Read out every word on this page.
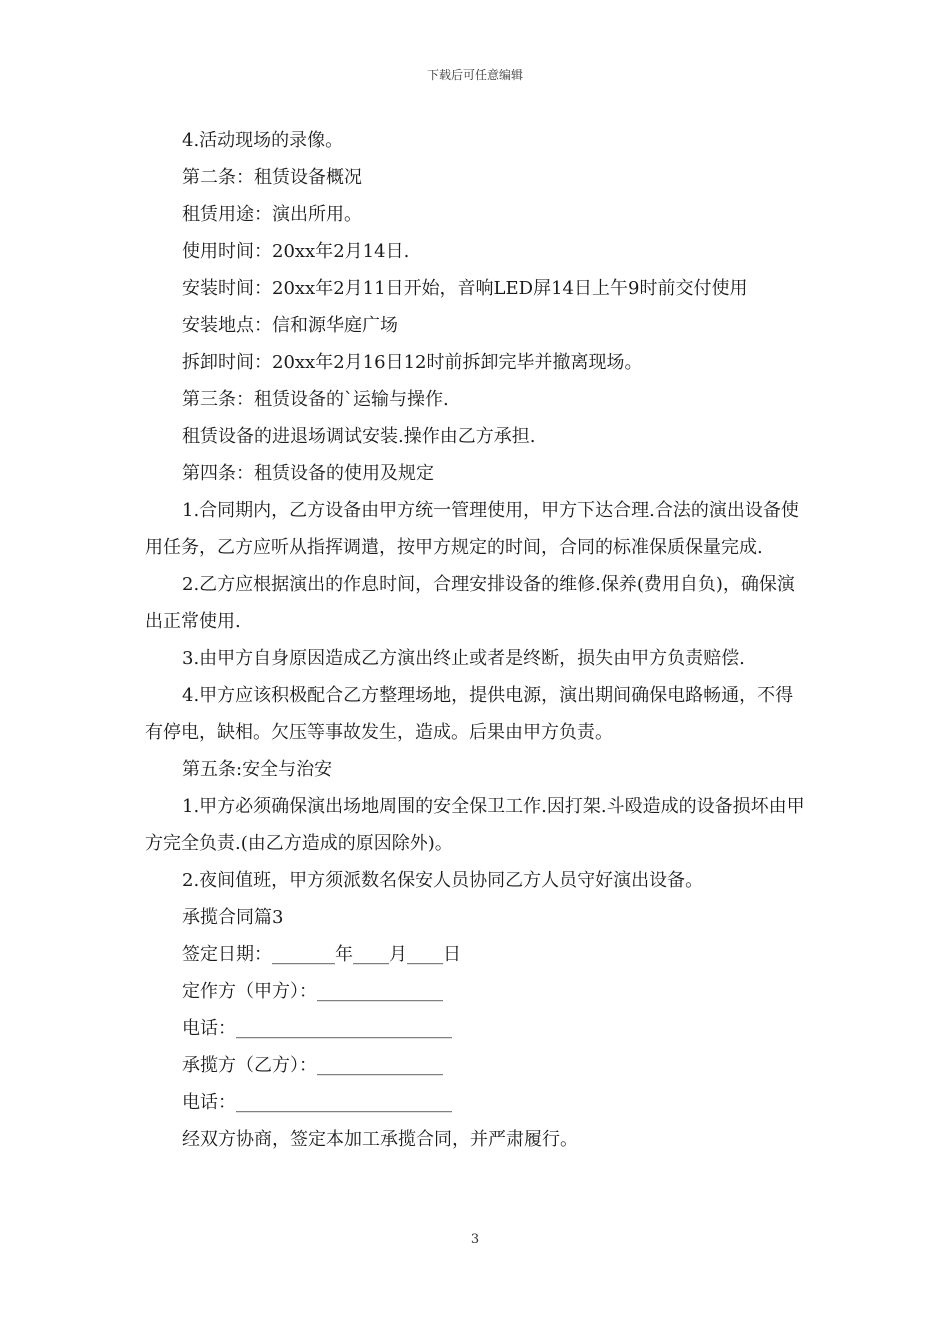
下载后可任意编辑

4.活动现场的录像。

第二条：租赁设备概况

租赁用途：演出所用。

使用时间：20xx年2月14日.

安装时间：20xx年2月11日开始，音响LED屏14日上午9时前交付使用

安装地点：信和源华庭广场

拆卸时间：20xx年2月16日12时前拆卸完毕并撤离现场。

第三条：租赁设备的`运输与操作.

租赁设备的进退场调试安装.操作由乙方承担.

第四条：租赁设备的使用及规定

1.合同期内，乙方设备由甲方统一管理使用，甲方下达合理.合法的演出设备使用任务，乙方应听从指挥调遣，按甲方规定的时间，合同的标准保质保量完成.

2.乙方应根据演出的作息时间，合理安排设备的维修.保养(费用自负)，确保演出正常使用.

3.由甲方自身原因造成乙方演出终止或者是终断，损失由甲方负责赔偿.

4.甲方应该积极配合乙方整理场地，提供电源，演出期间确保电路畅通，不得有停电，缺相。欠压等事故发生，造成。后果由甲方负责。

第五条:安全与治安

1.甲方必须确保演出场地周围的安全保卫工作.因打架.斗殴造成的设备损坏由甲方完全负责.(由乙方造成的原因除外)。

2.夜间值班，甲方须派数名保安人员协同乙方人员守好演出设备。

承揽合同篇3

签定日期：_______年____月____日

定作方（甲方）：______________

电话：________________________

承揽方（乙方）：______________

电话：________________________

经双方协商，签定本加工承揽合同，并严肃履行。

3
